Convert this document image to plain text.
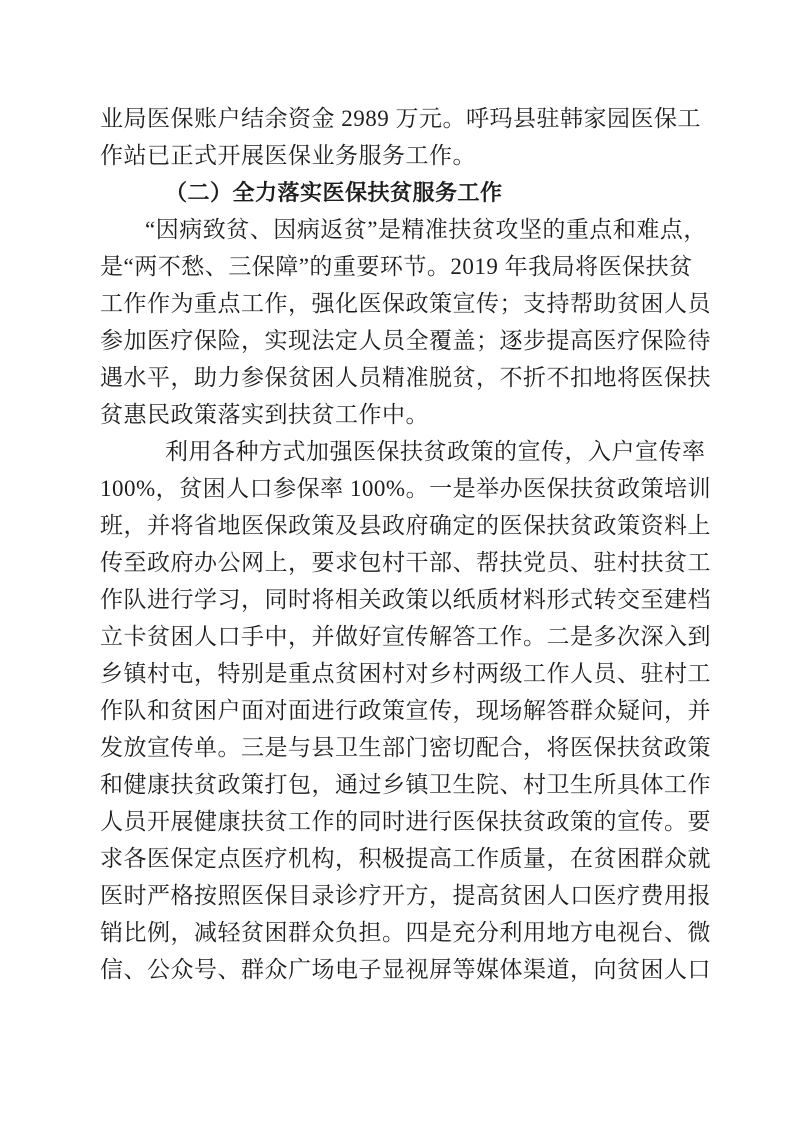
业局医保账户结余资金 2989 万元。呼玛县驻韩家园医保工
作站已正式开展医保业务服务工作。
（二）全力落实医保扶贫服务工作
“因病致贫、因病返贫”是精准扶贫攻坚的重点和难点，
是“两不愁、三保障”的重要环节。2019 年我局将医保扶贫
工作作为重点工作，强化医保政策宣传；支持帮助贫困人员
参加医疗保险，实现法定人员全覆盖；逐步提高医疗保险待
遇水平，助力参保贫困人员精准脱贫，不折不扣地将医保扶
贫惠民政策落实到扶贫工作中。
利用各种方式加强医保扶贫政策的宣传，入户宣传率
100%，贫困人口参保率 100%。一是举办医保扶贫政策培训
班，并将省地医保政策及县政府确定的医保扶贫政策资料上
传至政府办公网上，要求包村干部、帮扶党员、驻村扶贫工
作队进行学习，同时将相关政策以纸质材料形式转交至建档
立卡贫困人口手中，并做好宣传解答工作。二是多次深入到
乡镇村屯，特别是重点贫困村对乡村两级工作人员、驻村工
作队和贫困户面对面进行政策宣传，现场解答群众疑问，并
发放宣传单。三是与县卫生部门密切配合，将医保扶贫政策
和健康扶贫政策打包，通过乡镇卫生院、村卫生所具体工作
人员开展健康扶贫工作的同时进行医保扶贫政策的宣传。要
求各医保定点医疗机构，积极提高工作质量，在贫困群众就
医时严格按照医保目录诊疗开方，提高贫困人口医疗费用报
销比例，减轻贫困群众负担。四是充分利用地方电视台、微
信、公众号、群众广场电子显视屏等媒体渠道，向贫困人口
